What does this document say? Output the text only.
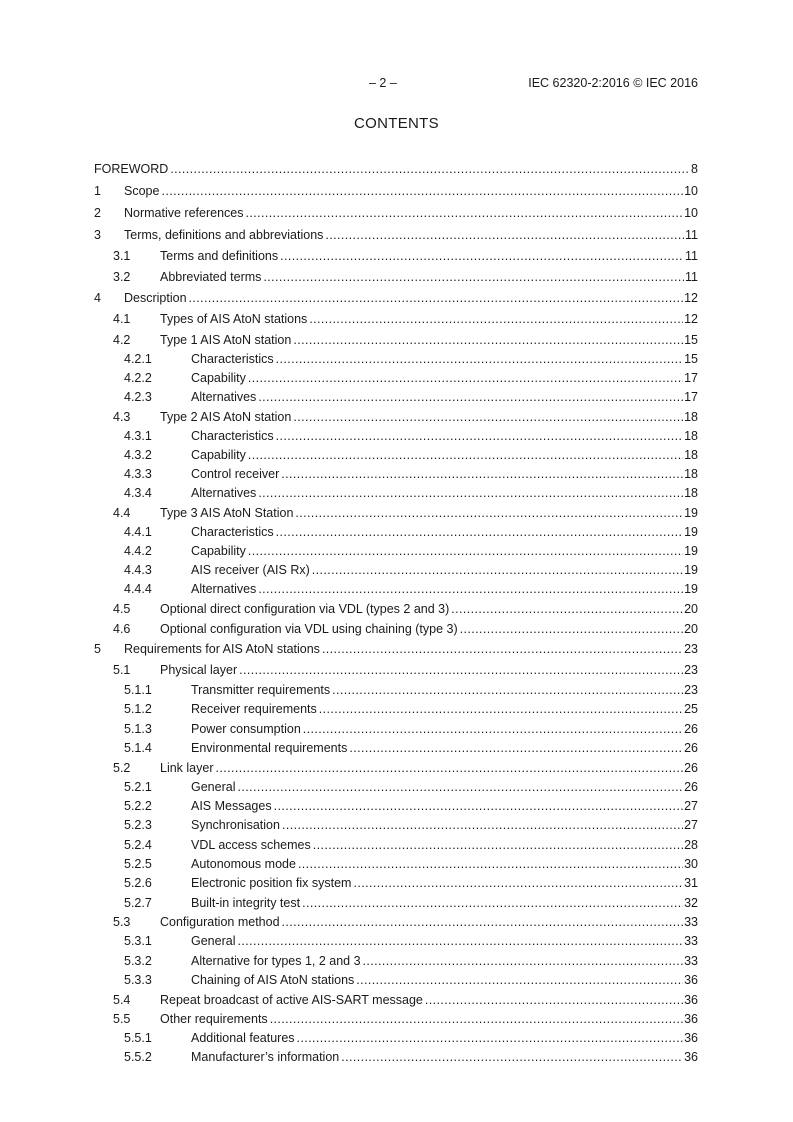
– 2 –	IEC 62320-2:2016 © IEC 2016
CONTENTS
FOREWORD .....	8
1	Scope .....	10
2	Normative references .....	10
3	Terms, definitions and abbreviations .....	11
3.1	Terms and definitions .....	11
3.2	Abbreviated terms .....	11
4	Description .....	12
4.1	Types of AIS AtoN stations .....	12
4.2	Type 1 AIS AtoN station .....	15
4.2.1	Characteristics .....	15
4.2.2	Capability .....	17
4.2.3	Alternatives .....	17
4.3	Type 2 AIS AtoN station .....	18
4.3.1	Characteristics .....	18
4.3.2	Capability .....	18
4.3.3	Control receiver .....	18
4.3.4	Alternatives .....	18
4.4	Type 3 AIS AtoN Station .....	19
4.4.1	Characteristics .....	19
4.4.2	Capability .....	19
4.4.3	AIS receiver (AIS Rx) .....	19
4.4.4	Alternatives .....	19
4.5	Optional direct configuration via VDL (types 2 and 3) .....	20
4.6	Optional configuration via VDL using chaining (type 3) .....	20
5	Requirements for AIS AtoN stations .....	23
5.1	Physical layer .....	23
5.1.1	Transmitter requirements .....	23
5.1.2	Receiver requirements .....	25
5.1.3	Power consumption .....	26
5.1.4	Environmental requirements .....	26
5.2	Link layer .....	26
5.2.1	General .....	26
5.2.2	AIS Messages .....	27
5.2.3	Synchronisation .....	27
5.2.4	VDL access schemes .....	28
5.2.5	Autonomous mode .....	30
5.2.6	Electronic position fix system .....	31
5.2.7	Built-in integrity test .....	32
5.3	Configuration method .....	33
5.3.1	General .....	33
5.3.2	Alternative for types 1, 2 and 3 .....	33
5.3.3	Chaining of AIS AtoN stations .....	36
5.4	Repeat broadcast of active AIS-SART message .....	36
5.5	Other requirements .....	36
5.5.1	Additional features .....	36
5.5.2	Manufacturer’s information .....	36
